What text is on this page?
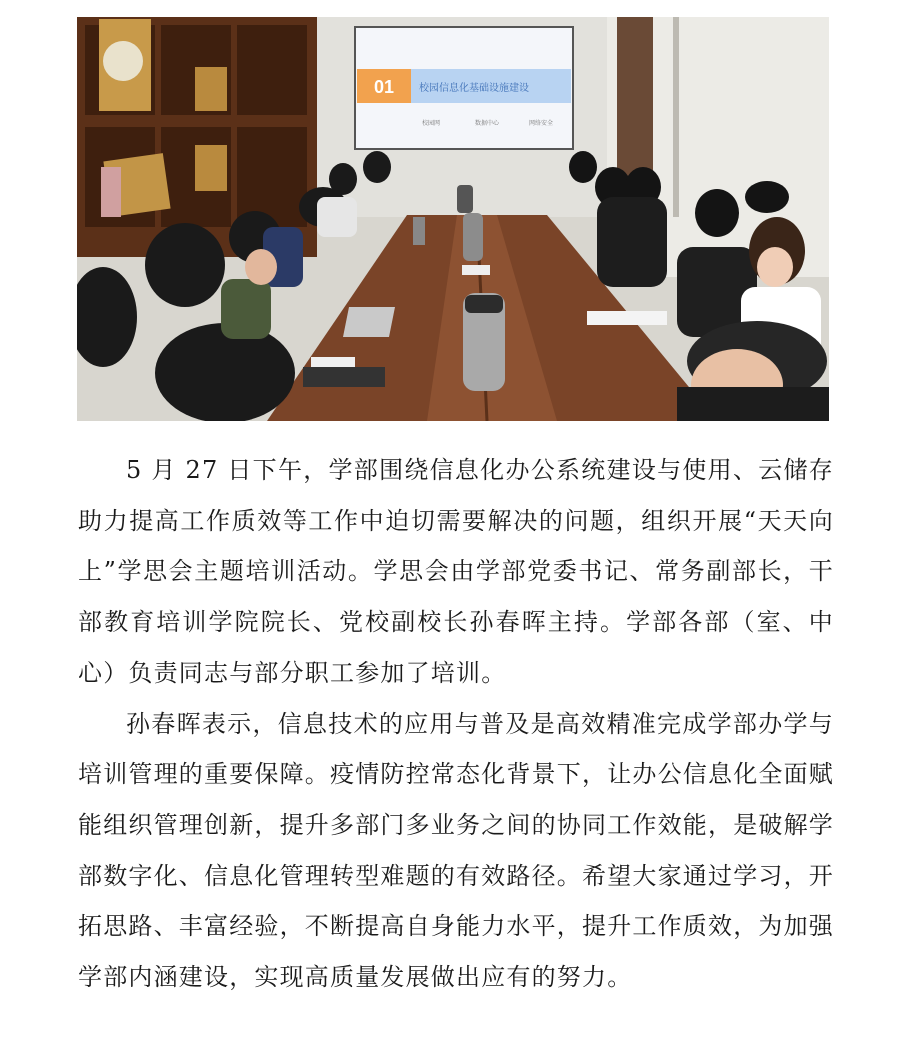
01 校园信息化基础设施建设
校园网	数据中心	网络安全

5 月 27 日下午，学部围绕信息化办公系统建设与使用、云储存助力提高工作质效等工作中迫切需要解决的问题，组织开展“天天向上”学思会主题培训活动。学思会由学部党委书记、常务副部长，干部教育培训学院院长、党校副校长孙春晖主持。学部各部（室、中心）负责同志与部分职工参加了培训。

孙春晖表示，信息技术的应用与普及是高效精准完成学部办学与培训管理的重要保障。疫情防控常态化背景下，让办公信息化全面赋能组织管理创新，提升多部门多业务之间的协同工作效能，是破解学部数字化、信息化管理转型难题的有效路径。希望大家通过学习，开拓思路、丰富经验，不断提高自身能力水平，提升工作质效，为加强学部内涵建设，实现高质量发展做出应有的努力。
